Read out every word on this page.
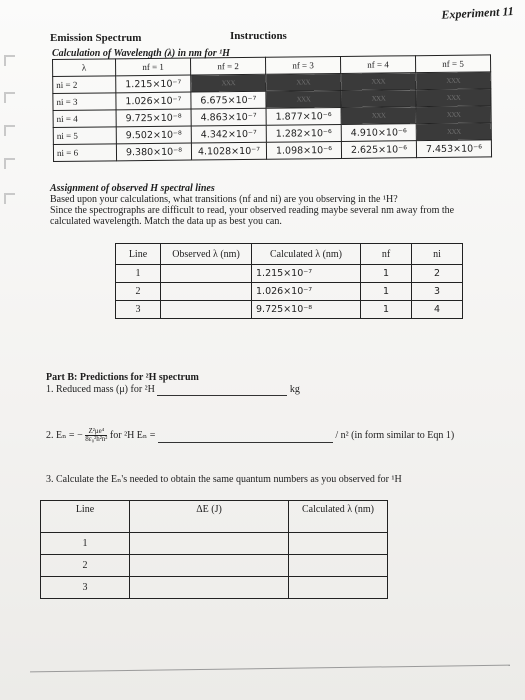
Experiment 11
Emission Spectrum	Instructions
Calculation of Wavelength (λ) in nm for ¹H
λ	nf = 1	nf = 2	nf = 3	nf = 4	nf = 5
ni = 2	1.215×10⁻⁷	XXX	XXX	XXX	XXX
ni = 3	1.026×10⁻⁷	6.675×10⁻⁷	XXX	XXX	XXX
ni = 4	9.725×10⁻⁸	4.863×10⁻⁷	1.877×10⁻⁶	XXX	XXX
ni = 5	9.502×10⁻⁸	4.342×10⁻⁷	1.282×10⁻⁶	4.910×10⁻⁶	XXX
ni = 6	9.380×10⁻⁸	4.1028×10⁻⁷	1.098×10⁻⁶	2.625×10⁻⁶	7.453×10⁻⁶
Assignment of observed H spectral lines
Based upon your calculations, what transitions (nf and ni) are you observing in the ¹H?
Since the spectrographs are difficult to read, your observed reading maybe several nm away from the calculated wavelength. Match the data up as best you can.
Line	Observed λ (nm)	Calculated λ (nm)	nf	ni
1		1.215×10⁻⁷	1	2
2		1.026×10⁻⁷	1	3
3		9.725×10⁻⁸	1	4
Part B: Predictions for ²H spectrum
1. Reduced mass (μ) for ²H	kg
2. Eₙ = − $\frac{\text{Z²μe⁴}}{\text{8ε₀²h²n²}}$ for ²H Eₙ =	/ n² (in form similar to Eqn 1)
3. Calculate the Eₙ's needed to obtain the same quantum numbers as you observed for ¹H
Line	ΔE (J)	Calculated λ (nm)
1		
2		
3		
